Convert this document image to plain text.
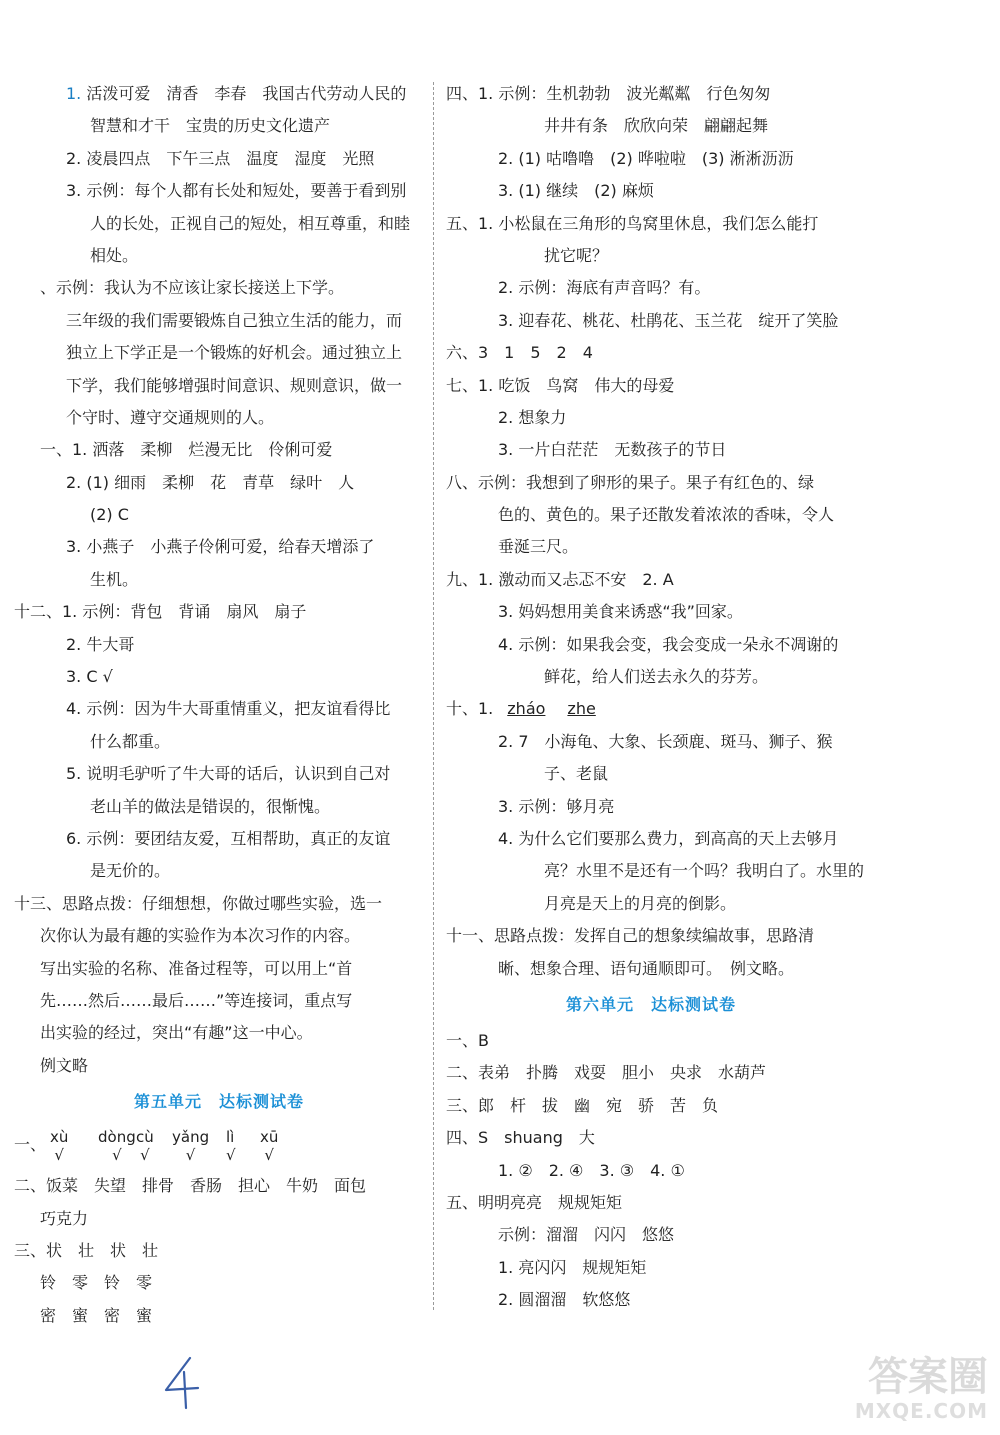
1. 活泼可爱　清香　李春　我国古代劳动人民的
智慧和才干　宝贵的历史文化遗产
2. 凌晨四点　下午三点　温度　湿度　光照
3. 示例：每个人都有长处和短处，要善于看到别
人的长处，正视自己的短处，相互尊重，和睦
相处。
、示例：我认为不应该让家长接送上下学。
三年级的我们需要锻炼自己独立生活的能力，而
独立上下学正是一个锻炼的好机会。通过独立上
下学，我们能够增强时间意识、规则意识，做一
个守时、遵守交通规则的人。
一、1. 洒落　柔柳　烂漫无比　伶俐可爱
2. (1) 细雨　柔柳　花　青草　绿叶　人
(2) C
3. 小燕子　小燕子伶俐可爱，给春天增添了
生机。
十二、1. 示例：背包　背诵　扇风　扇子
2. 牛大哥
3. C √
4. 示例：因为牛大哥重情重义，把友谊看得比
什么都重。
5. 说明毛驴听了牛大哥的话后，认识到自己对
老山羊的做法是错误的，很惭愧。
6. 示例：要团结友爱，互相帮助，真正的友谊
是无价的。
十三、思路点拨：仔细想想，你做过哪些实验，选一
次你认为最有趣的实验作为本次习作的内容。
写出实验的名称、准备过程等，可以用上“首
先……然后……最后……”等连接词，重点写
出实验的经过，突出“有趣”这一中心。
例文略
第五单元　达标测试卷
一、 xù
√
dòng
√
cù
√
yǎng
√
lì
√
xū
√
二、饭菜　失望　排骨　香肠　担心　牛奶　面包
巧克力
三、状　壮　状　壮
铃　零　铃　零
密　蜜　密　蜜
四、1. 示例：生机勃勃　波光粼粼　行色匆匆
井井有条　欣欣向荣　翩翩起舞
2. (1) 咕噜噜　(2) 哗啦啦　(3) 淅淅沥沥
3. (1) 继续　(2) 麻烦
五、1. 小松鼠在三角形的鸟窝里休息，我们怎么能打
扰它呢？
2. 示例：海底有声音吗？有。
3. 迎春花、桃花、杜鹃花、玉兰花　绽开了笑脸
六、3　1　5　2　4
七、1. 吃饭　鸟窝　伟大的母爱
2. 想象力
3. 一片白茫茫　无数孩子的节日
八、示例：我想到了卵形的果子。果子有红色的、绿
色的、黄色的。果子还散发着浓浓的香味，令人
垂涎三尺。
九、1. 激动而又忐忑不安　2. A
3. 妈妈想用美食来诱惑“我”回家。
4. 示例：如果我会变，我会变成一朵永不凋谢的
鲜花，给人们送去永久的芬芳。
十、1. zháo zhe
2. 7　小海龟、大象、长颈鹿、斑马、狮子、猴
子、老鼠
3. 示例：够月亮
4. 为什么它们要那么费力，到高高的天上去够月
亮？水里不是还有一个吗？我明白了。水里的
月亮是天上的月亮的倒影。
十一、思路点拨：发挥自己的想象续编故事，思路清
晰、想象合理、语句通顺即可。　例文略。
第六单元　达标测试卷
一、B
二、表弟　扑腾　戏耍　胆小　央求　水葫芦
三、郎　杆　拔　幽　宛　骄　苦　负
四、S　shuang　大
1. ②　2. ④　3. ③　4. ①
五、明明亮亮　规规矩矩
示例：溜溜　闪闪　悠悠
1. 亮闪闪　规规矩矩
2. 圆溜溜　软悠悠
答案圈
MXQE.COM
